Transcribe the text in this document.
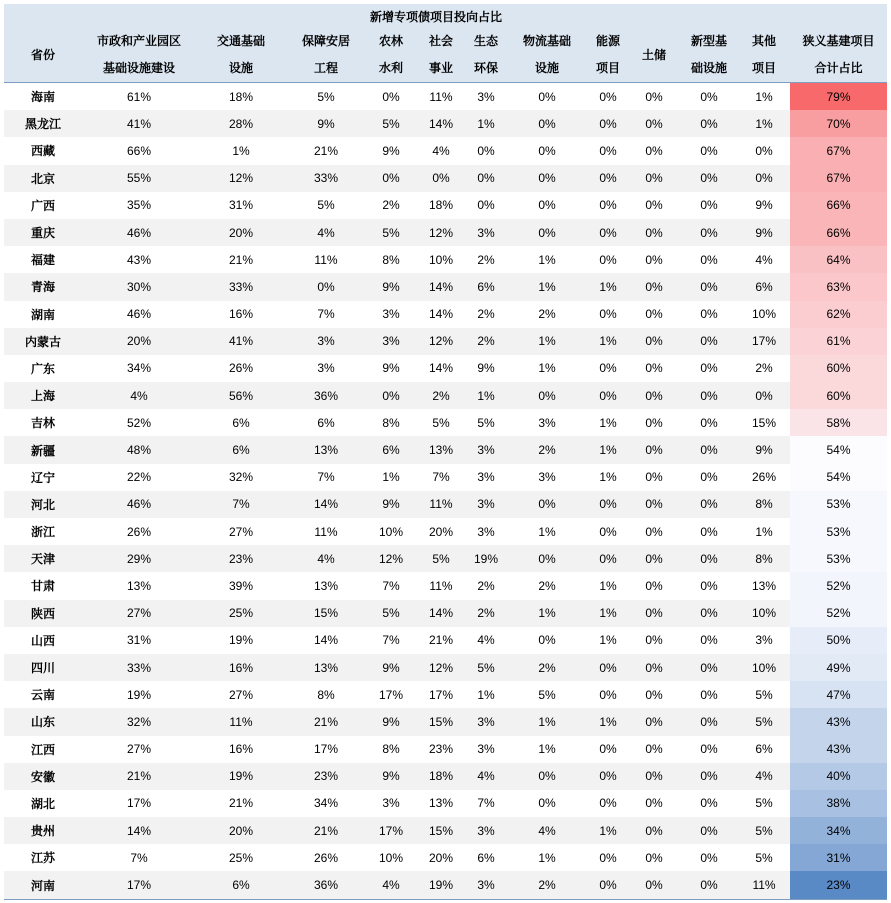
	新增专项债项目投向占比											
省份	市政和产业园区	交通基础	保障安居	农林	社会	生态	物流基础	能源	土储	新型基	其他	狭义基建项目
	基础设施建设	设施	工程	水利	事业	环保	设施	项目		础设施	项目	合计占比
海南	61%	18%	5%	0%	11%	3%	0%	0%	0%	0%	1%	79%
黑龙江	41%	28%	9%	5%	14%	1%	0%	0%	0%	0%	1%	70%
西藏	66%	1%	21%	9%	4%	0%	0%	0%	0%	0%	0%	67%
北京	55%	12%	33%	0%	0%	0%	0%	0%	0%	0%	0%	67%
广西	35%	31%	5%	2%	18%	0%	0%	0%	0%	0%	9%	66%
重庆	46%	20%	4%	5%	12%	3%	0%	0%	0%	0%	9%	66%
福建	43%	21%	11%	8%	10%	2%	1%	0%	0%	0%	4%	64%
青海	30%	33%	0%	9%	14%	6%	1%	1%	0%	0%	6%	63%
湖南	46%	16%	7%	3%	14%	2%	2%	0%	0%	0%	10%	62%
内蒙古	20%	41%	3%	3%	12%	2%	1%	1%	0%	0%	17%	61%
广东	34%	26%	3%	9%	14%	9%	1%	0%	0%	0%	2%	60%
上海	4%	56%	36%	0%	2%	1%	0%	0%	0%	0%	0%	60%
吉林	52%	6%	6%	8%	5%	5%	3%	1%	0%	0%	15%	58%
新疆	48%	6%	13%	6%	13%	3%	2%	1%	0%	0%	9%	54%
辽宁	22%	32%	7%	1%	7%	3%	3%	1%	0%	0%	26%	54%
河北	46%	7%	14%	9%	11%	3%	0%	0%	0%	0%	8%	53%
浙江	26%	27%	11%	10%	20%	3%	1%	0%	0%	0%	1%	53%
天津	29%	23%	4%	12%	5%	19%	0%	0%	0%	0%	8%	53%
甘肃	13%	39%	13%	7%	11%	2%	2%	1%	0%	0%	13%	52%
陕西	27%	25%	15%	5%	14%	2%	1%	1%	0%	0%	10%	52%
山西	31%	19%	14%	7%	21%	4%	0%	1%	0%	0%	3%	50%
四川	33%	16%	13%	9%	12%	5%	2%	0%	0%	0%	10%	49%
云南	19%	27%	8%	17%	17%	1%	5%	0%	0%	0%	5%	47%
山东	32%	11%	21%	9%	15%	3%	1%	1%	0%	0%	5%	43%
江西	27%	16%	17%	8%	23%	3%	1%	0%	0%	0%	6%	43%
安徽	21%	19%	23%	9%	18%	4%	0%	0%	0%	0%	4%	40%
湖北	17%	21%	34%	3%	13%	7%	0%	0%	0%	0%	5%	38%
贵州	14%	20%	21%	17%	15%	3%	4%	1%	0%	0%	5%	34%
江苏	7%	25%	26%	10%	20%	6%	1%	0%	0%	0%	5%	31%
河南	17%	6%	36%	4%	19%	3%	2%	0%	0%	0%	11%	23%
